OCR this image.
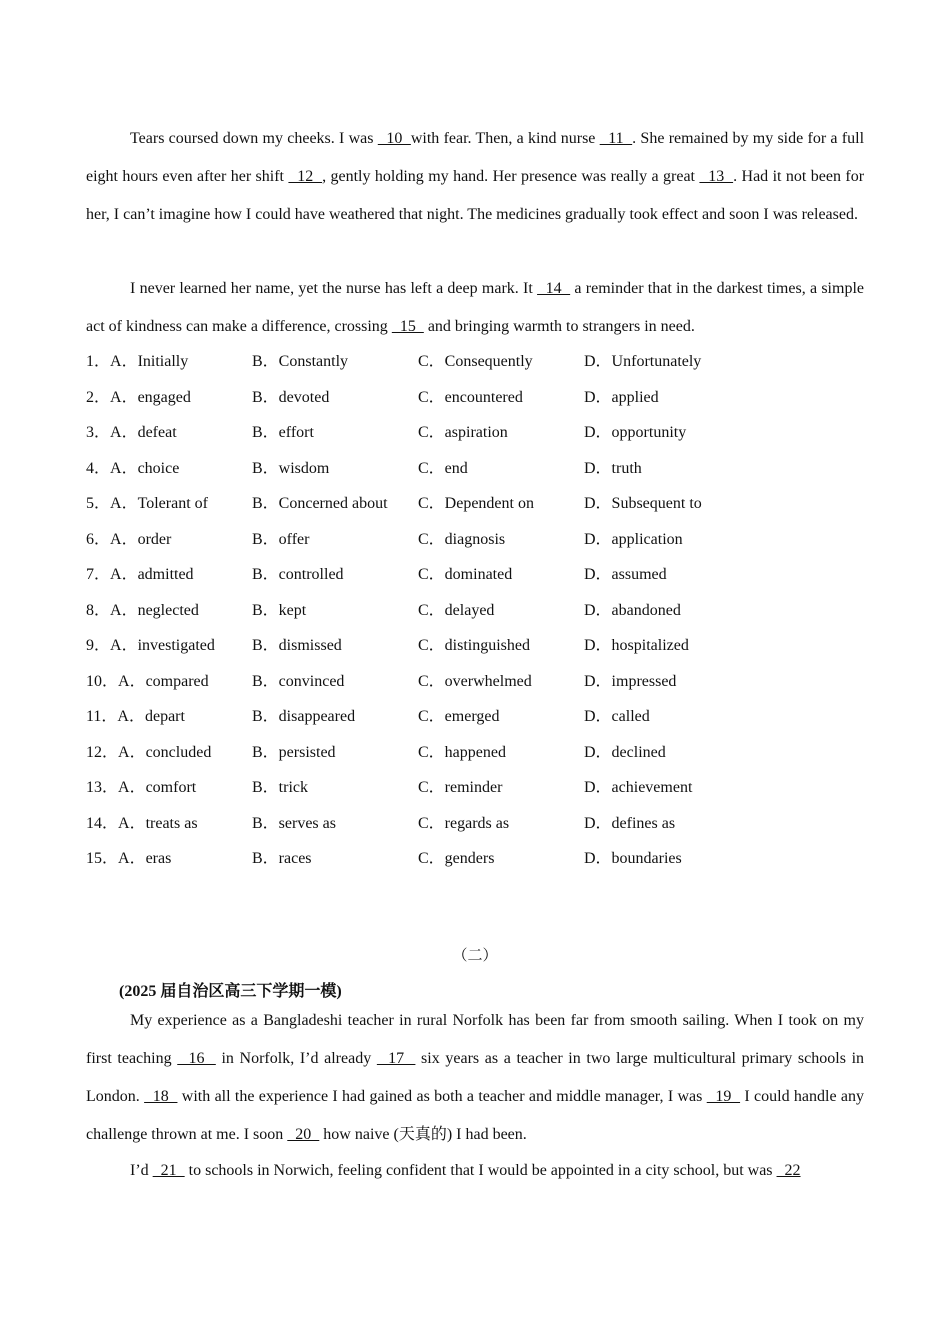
Tears coursed down my cheeks. I was   10  with fear. Then, a kind nurse   11  . She remained by my side for a full eight hours even after her shift   12  , gently holding my hand. Her presence was really a great   13  . Had it not been for her, I can’t imagine how I could have weathered that night. The medicines gradually took effect and soon I was released.

I never learned her name, yet the nurse has left a deep mark. It   14   a reminder that in the darkest times, a simple act of kindness can make a difference, crossing   15   and bringing warmth to strangers in need.

1．A．Initially	B．Constantly	C．Consequently	D．Unfortunately
2．A．engaged	B．devoted	C．encountered	D．applied
3．A．defeat	B．effort	C．aspiration	D．opportunity
4．A．choice	B．wisdom	C．end	D．truth
5．A．Tolerant of	B．Concerned about C．Dependent on	D．Subsequent to
6．A．order	B．offer	C．diagnosis	D．application
7．A．admitted	B．controlled	C．dominated	D．assumed
8．A．neglected	B．kept	C．delayed	D．abandoned
9．A．investigated B．dismissed	C．distinguished	D．hospitalized
10．A．compared	B．convinced	C．overwhelmed	D．impressed
11．A．depart	B．disappeared	C．emerged	D．called
12．A．concluded	B．persisted	C．happened	D．declined
13．A．comfort	B．trick	C．reminder	D．achievement
14．A．treats as	B．serves as	C．regards as	D．defines as
15．A．eras	B．races	C．genders	D．boundaries
（二）
(2025 届自治区高三下学期一模)

My experience as a Bangladeshi teacher in rural Norfolk has been far from smooth sailing. When I took on my first teaching   16   in Norfolk, I’d already   17   six years as a teacher in two large multicultural primary schools in London.   18   with all the experience I had gained as both a teacher and middle manager, I was   19   I could handle any challenge thrown at me. I soon   20   how naive (天真的) I had been.

I’d   21   to schools in Norwich, feeling confident that I would be appointed in a city school, but was   22
